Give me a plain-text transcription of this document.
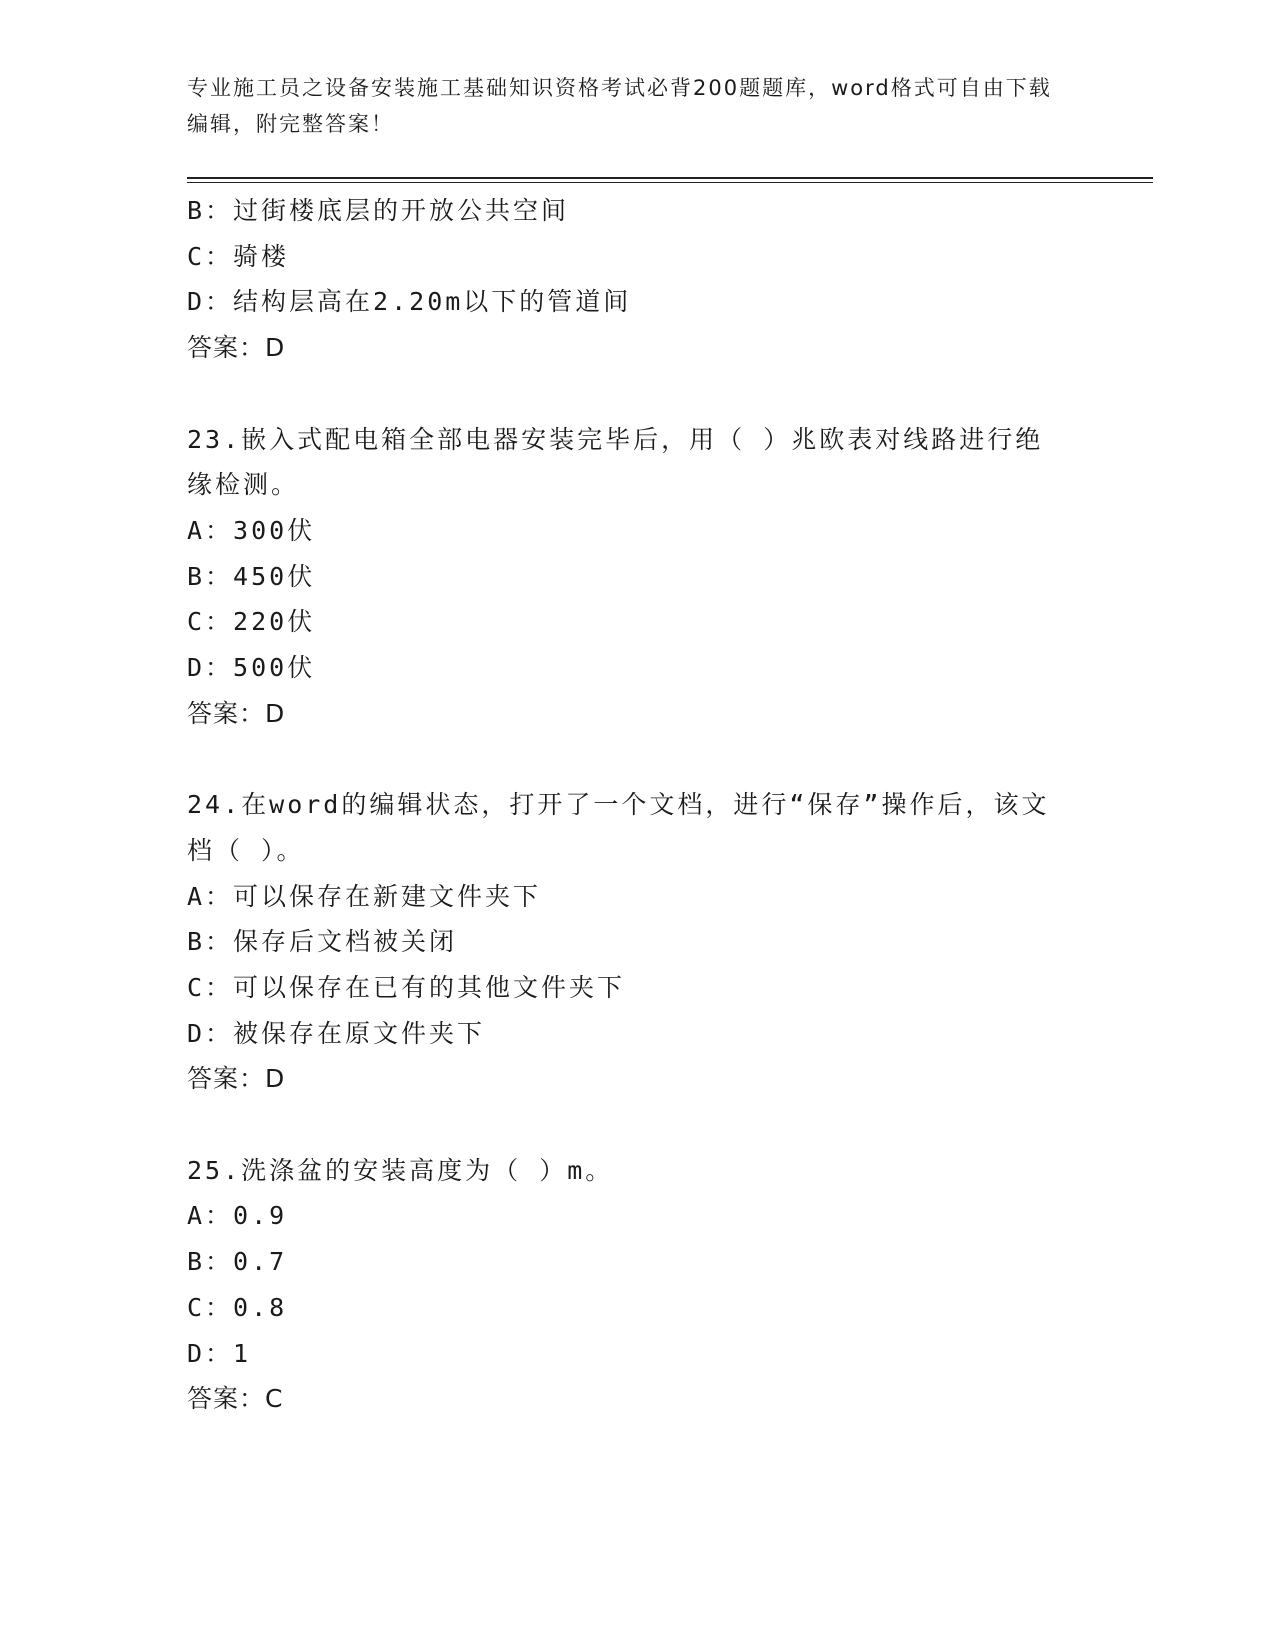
专业施工员之设备安装施工基础知识资格考试必背200题题库，word格式可自由下载编辑，附完整答案！
B：过街楼底层的开放公共空间
C：骑楼
D：结构层高在2.20m以下的管道间
答案：D
23.嵌入式配电箱全部电器安装完毕后，用（ ）兆欧表对线路进行绝缘检测。
A：300伏
B：450伏
C：220伏
D：500伏
答案：D
24.在word的编辑状态，打开了一个文档，进行“保存”操作后，该文档（ ）。
A：可以保存在新建文件夹下
B：保存后文档被关闭
C：可以保存在已有的其他文件夹下
D：被保存在原文件夹下
答案：D
25.洗涤盆的安装高度为（ ）m。
A：0.9
B：0.7
C：0.8
D：1
答案：C
